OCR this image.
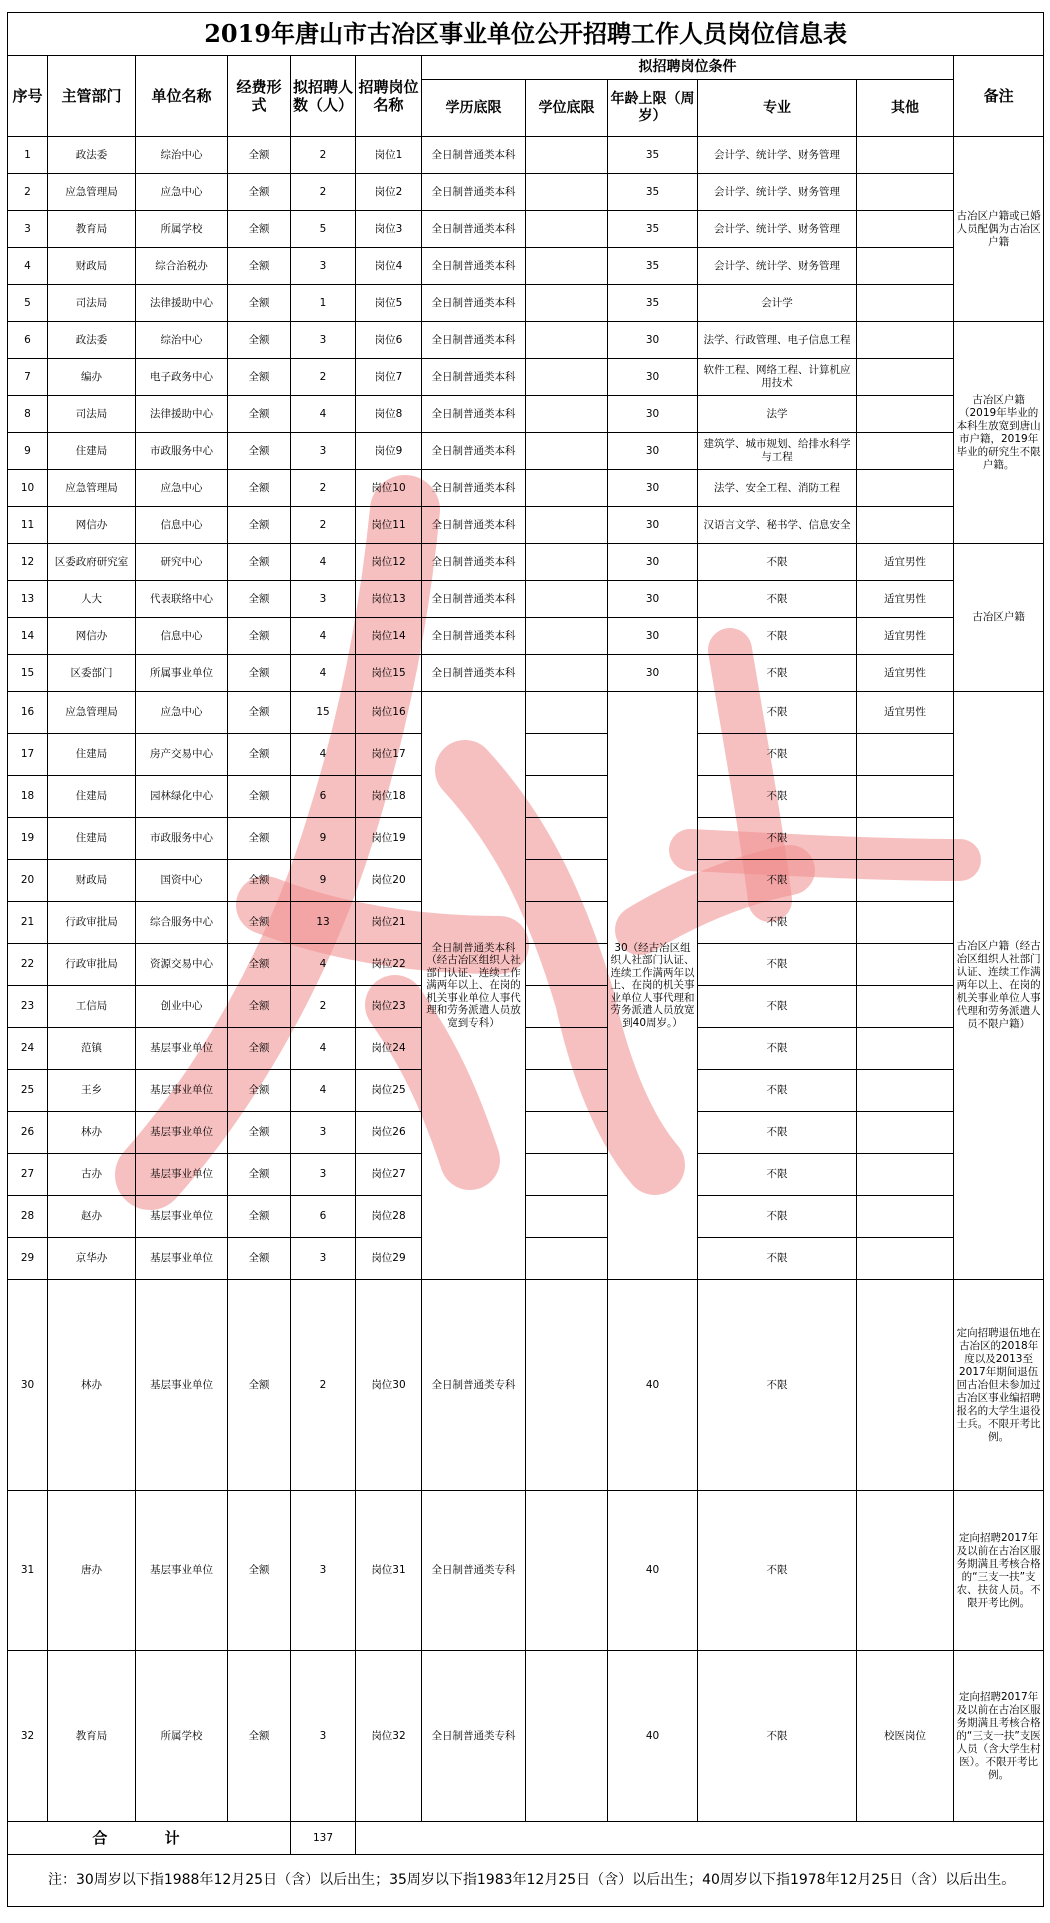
2019年唐山市古冶区事业单位公开招聘工作人员岗位信息表											
序号	主管部门	单位名称	经费形式	拟招聘人数（人）	招聘岗位名称	拟招聘岗位条件					备注
						学历底限	学位底限	年龄上限（周岁）	专业	其他	
1	政法委	综治中心	全额	2	岗位1	全日制普通类本科		35	会计学、统计学、财务管理		古冶区户籍或已婚人员配偶为古冶区户籍
2	应急管理局	应急中心	全额	2	岗位2	全日制普通类本科		35	会计学、统计学、财务管理		
3	教育局	所属学校	全额	5	岗位3	全日制普通类本科		35	会计学、统计学、财务管理		
4	财政局	综合治税办	全额	3	岗位4	全日制普通类本科		35	会计学、统计学、财务管理		
5	司法局	法律援助中心	全额	1	岗位5	全日制普通类本科		35	会计学		
6	政法委	综治中心	全额	3	岗位6	全日制普通类本科		30	法学、行政管理、电子信息工程		古冶区户籍（2019年毕业的本科生放宽到唐山市户籍，2019年毕业的研究生不限户籍。
7	编办	电子政务中心	全额	2	岗位7	全日制普通类本科		30	软件工程、网络工程、计算机应用技术		
8	司法局	法律援助中心	全额	4	岗位8	全日制普通类本科		30	法学		
9	住建局	市政服务中心	全额	3	岗位9	全日制普通类本科		30	建筑学、城市规划、给排水科学与工程		
10	应急管理局	应急中心	全额	2	岗位10	全日制普通类本科		30	法学、安全工程、消防工程		
11	网信办	信息中心	全额	2	岗位11	全日制普通类本科		30	汉语言文学、秘书学、信息安全		
12	区委政府研究室	研究中心	全额	4	岗位12	全日制普通类本科		30	不限	适宜男性	古冶区户籍
13	人大	代表联络中心	全额	3	岗位13	全日制普通类本科		30	不限	适宜男性	
14	网信办	信息中心	全额	4	岗位14	全日制普通类本科		30	不限	适宜男性	
15	区委部门	所属事业单位	全额	4	岗位15	全日制普通类本科		30	不限	适宜男性	
16	应急管理局	应急中心	全额	15	岗位16	全日制普通类本科（经古冶区组织人社部门认证、连续工作满两年以上、在岗的机关事业单位人事代理和劳务派遣人员放宽到专科）		30（经古冶区组织人社部门认证、连续工作满两年以上、在岗的机关事业单位人事代理和劳务派遣人员放宽到40周岁。）	不限	适宜男性	古冶区户籍（经古冶区组织人社部门认证、连续工作满两年以上、在岗的机关事业单位人事代理和劳务派遣人员不限户籍）
17	住建局	房产交易中心	全额	4	岗位17				不限		
18	住建局	园林绿化中心	全额	6	岗位18				不限		
19	住建局	市政服务中心	全额	9	岗位19				不限		
20	财政局	国资中心	全额	9	岗位20				不限		
21	行政审批局	综合服务中心	全额	13	岗位21				不限		
22	行政审批局	资源交易中心	全额	4	岗位22				不限		
23	工信局	创业中心	全额	2	岗位23				不限		
24	范镇	基层事业单位	全额	4	岗位24				不限		
25	王乡	基层事业单位	全额	4	岗位25				不限		
26	林办	基层事业单位	全额	3	岗位26				不限		
27	古办	基层事业单位	全额	3	岗位27				不限		
28	赵办	基层事业单位	全额	6	岗位28				不限		
29	京华办	基层事业单位	全额	3	岗位29				不限		
30	林办	基层事业单位	全额	2	岗位30	全日制普通类专科		40	不限		定向招聘退伍地在古冶区的2018年度以及2013至2017年期间退伍回古冶但未参加过古冶区事业编招聘报名的大学生退役士兵。不限开考比例。
31	唐办	基层事业单位	全额	3	岗位31	全日制普通类专科		40	不限		定向招聘2017年及以前在古冶区服务期满且考核合格的“三支一扶”支农、扶贫人员。不限开考比例。
32	教育局	所属学校	全额	3	岗位32	全日制普通类专科		40	不限	校医岗位	定向招聘2017年及以前在古冶区服务期满且考核合格的“三支一扶”支医人员（含大学生村医）。不限开考比例。
合 计				137							
注：30周岁以下指1988年12月25日（含）以后出生；35周岁以下指1983年12月25日（含）以后出生；40周岁以下指1978年12月25日（含）以后出生。											
